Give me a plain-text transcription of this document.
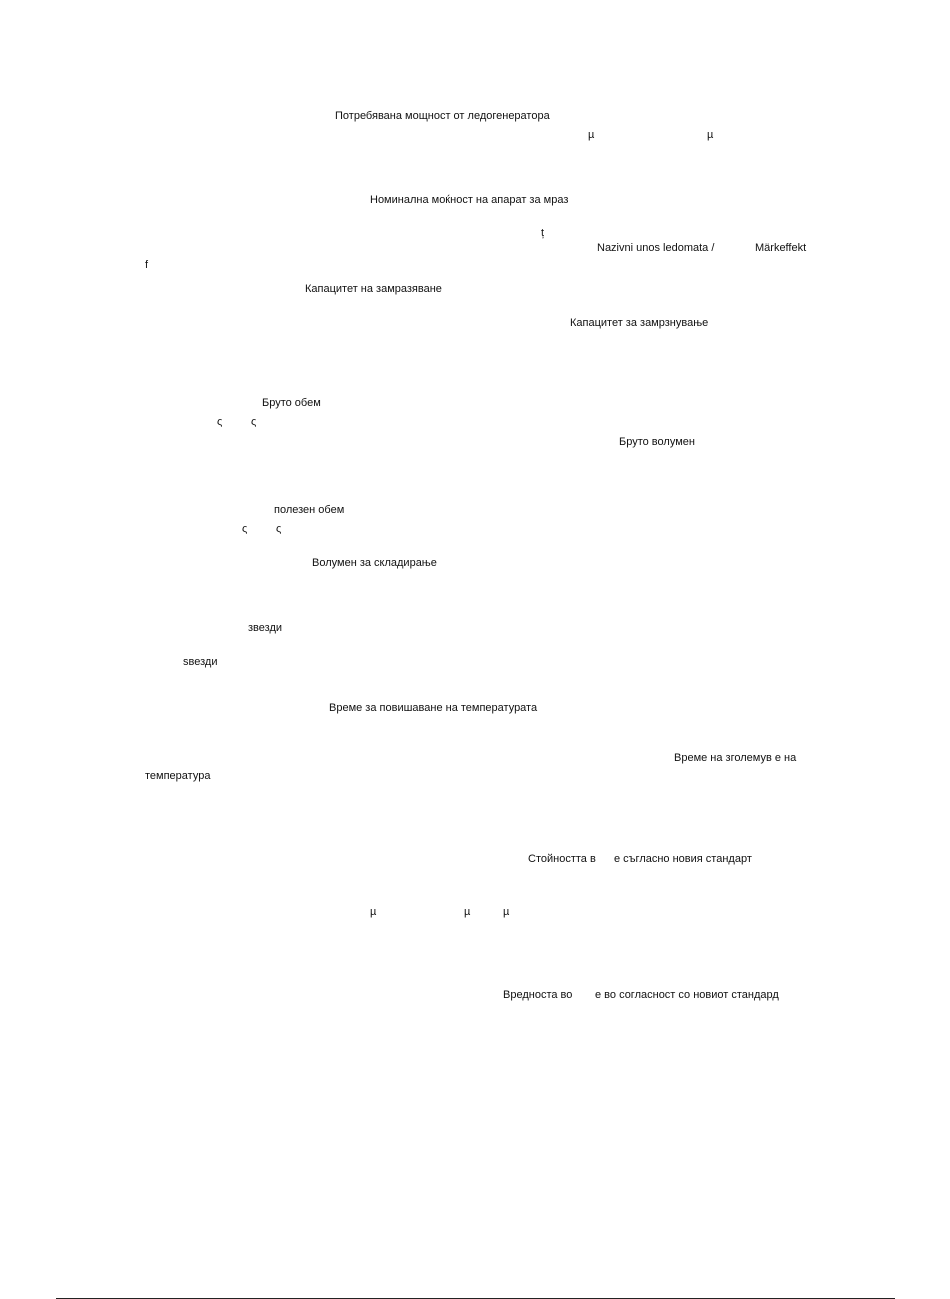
Потребявана мощност от ледогенератора
µ	µ
Номинална моќност на апарат за мраз
ț
Nazivni unos ledomata /	Märkeffekt
f
Капацитет на замразяване
Капацитет за замрзнување
Бруто обем
ς	ς
Бруто волумен
полезен обем
ς	ς
Волумен за складирање
звезди
ѕвезди
Време за повишаване на температурата
Време на зголемув е на
температура
Стойността в е съгласно новия стандарт
µ	µ	µ
Вредноста во е во согласност со новиот стандард
